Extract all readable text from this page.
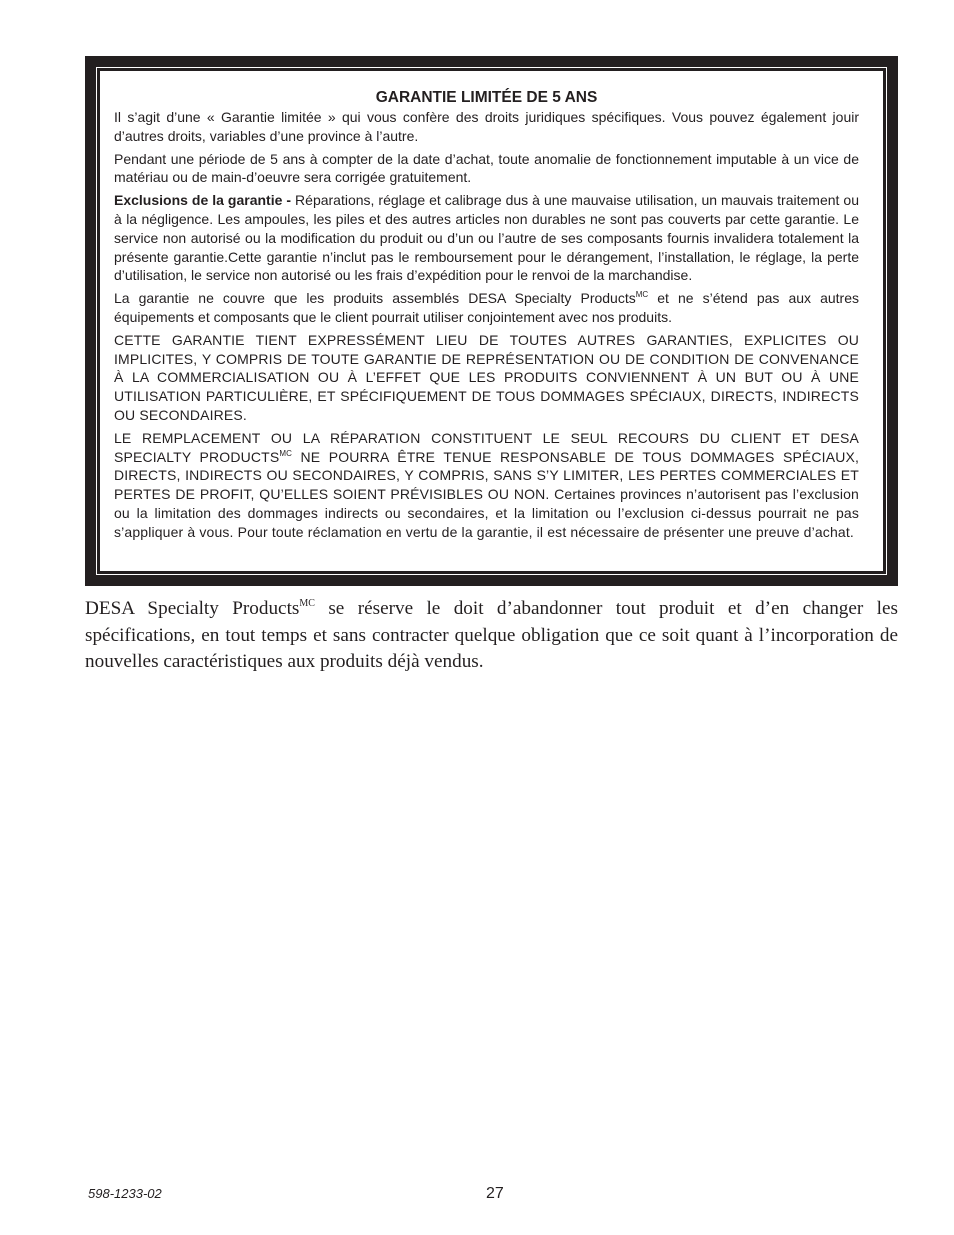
GARANTIE LIMITÉE DE 5 ANS

Il s’agit d’une « Garantie limitée » qui vous confère des droits juridiques spécifiques. Vous pouvez également jouir d’autres droits, variables d’une province à l’autre.

Pendant une période de 5 ans à compter de la date d’achat, toute anomalie de fonctionnement imputable à un vice de matériau ou de main-d’oeuvre sera corrigée gratuitement.

Exclusions de la garantie - Réparations, réglage et calibrage dus à une mauvaise utilisation, un mauvais traitement ou à la négligence. Les ampoules, les piles et des autres articles non durables ne sont pas couverts par cette garantie. Le service non autorisé ou la modification du produit ou d’un ou l’autre de ses composants fournis invalidera totalement la présente garantie.Cette garantie n’inclut pas le remboursement pour le dérangement, l’installation, le réglage, la perte d’utilisation, le service non autorisé ou les frais d’expédition pour le renvoi de la marchandise.

La garantie ne couvre que les produits assemblés DESA Specialty Products$^{MC}$ et ne s’étend pas aux autres équipements et composants que le client pourrait utiliser conjointement avec nos produits.

CETTE GARANTIE TIENT EXPRESSÉMENT LIEU DE TOUTES AUTRES GARANTIES, EXPLICITES OU IMPLICITES, Y COMPRIS DE TOUTE GARANTIE DE REPRÉSENTATION OU DE CONDITION DE CONVENANCE À LA COMMERCIALISATION OU À L’EFFET QUE LES PRODUITS CONVIENNENT À UN BUT OU À UNE UTILISATION PARTICULIÈRE, ET SPÉCIFIQUEMENT DE TOUS DOMMAGES SPÉCIAUX, DIRECTS, INDIRECTS OU SECONDAIRES.

LE REMPLACEMENT OU LA RÉPARATION CONSTITUENT LE SEUL RECOURS DU CLIENT ET DESA SPECIALTY $PRODUCTS^{MC}$ NE POURRA ÊTRE TENUE RESPONSABLE DE TOUS DOMMAGES SPÉCIAUX, DIRECTS, INDIRECTS OU SECONDAIRES, Y COMPRIS, SANS S’Y LIMITER, LES PERTES COMMERCIALES ET PERTES DE PROFIT, QU’ELLES SOIENT PRÉVISIBLES OU NON. Certaines provinces n’autorisent pas l’exclusion ou la limitation des dommages indirects ou secondaires, et la limitation ou l’exclusion ci-dessus pourrait ne pas s’appliquer à vous. Pour toute réclamation en vertu de la garantie, il est nécessaire de présenter une preuve d’achat.

DESA Specialty Products$^{MC}$ se réserve le doit d’abandonner tout produit et d’en changer les spécifications, en tout temps et sans contracter quelque obligation que ce soit quant à l’incorporation de nouvelles caractéristiques aux produits déjà vendus.

598-1233-02	27
